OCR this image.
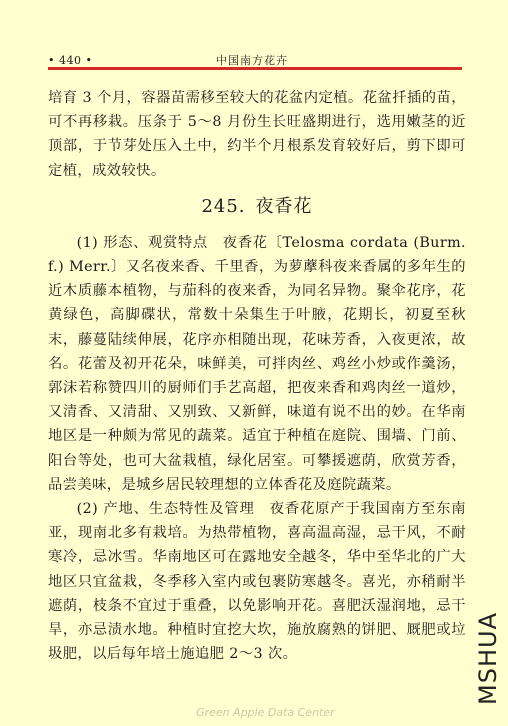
• 440 •	中国南方花卉

培育 3 个月，容器苗需移至较大的花盆内定植。花盆扦插的苗，可不再移栽。压条于 5～8 月份生长旺盛期进行，选用嫩茎的近顶部，于节芽处压入土中，约半个月根系发育较好后，剪下即可定植，成效较快。

245. 夜香花

(1) 形态、观赏特点　夜香花〔Telosma cordata (Burm. f.) Merr.〕又名夜来香、千里香，为萝藦科夜来香属的多年生的近木质藤本植物，与茄科的夜来香，为同名异物。聚伞花序，花黄绿色，高脚碟状，常数十朵集生于叶腋，花期长，初夏至秋末，藤蔓陆续伸展，花序亦相随出现，花味芳香，入夜更浓，故名。花蕾及初开花朵，味鲜美，可拌肉丝、鸡丝小炒或作羹汤，郭沫若称赞四川的厨师们手艺高超，把夜来香和鸡肉丝一道炒，又清香、又清甜、又别致、又新鲜，味道有说不出的妙。在华南地区是一种颇为常见的蔬菜。适宜于种植在庭院、围墙、门前、阳台等处，也可大盆栽植，绿化居室。可攀援遮荫，欣赏芳香，品尝美味，是城乡居民较理想的立体香花及庭院蔬菜。

(2) 产地、生态特性及管理　夜香花原产于我国南方至东南亚，现南北多有栽培。为热带植物，喜高温高湿，忌干风，不耐寒冷，忌冰雪。华南地区可在露地安全越冬，华中至华北的广大地区只宜盆栽，冬季移入室内或包裹防寒越冬。喜光，亦稍耐半遮荫，枝条不宜过于重叠，以免影响开花。喜肥沃湿润地，忌干旱，亦忌渍水地。种植时宜挖大坎，施放腐熟的饼肥、厩肥或垃圾肥，以后每年培土施追肥 2～3 次。	MSHUA
Green Apple Data Center
